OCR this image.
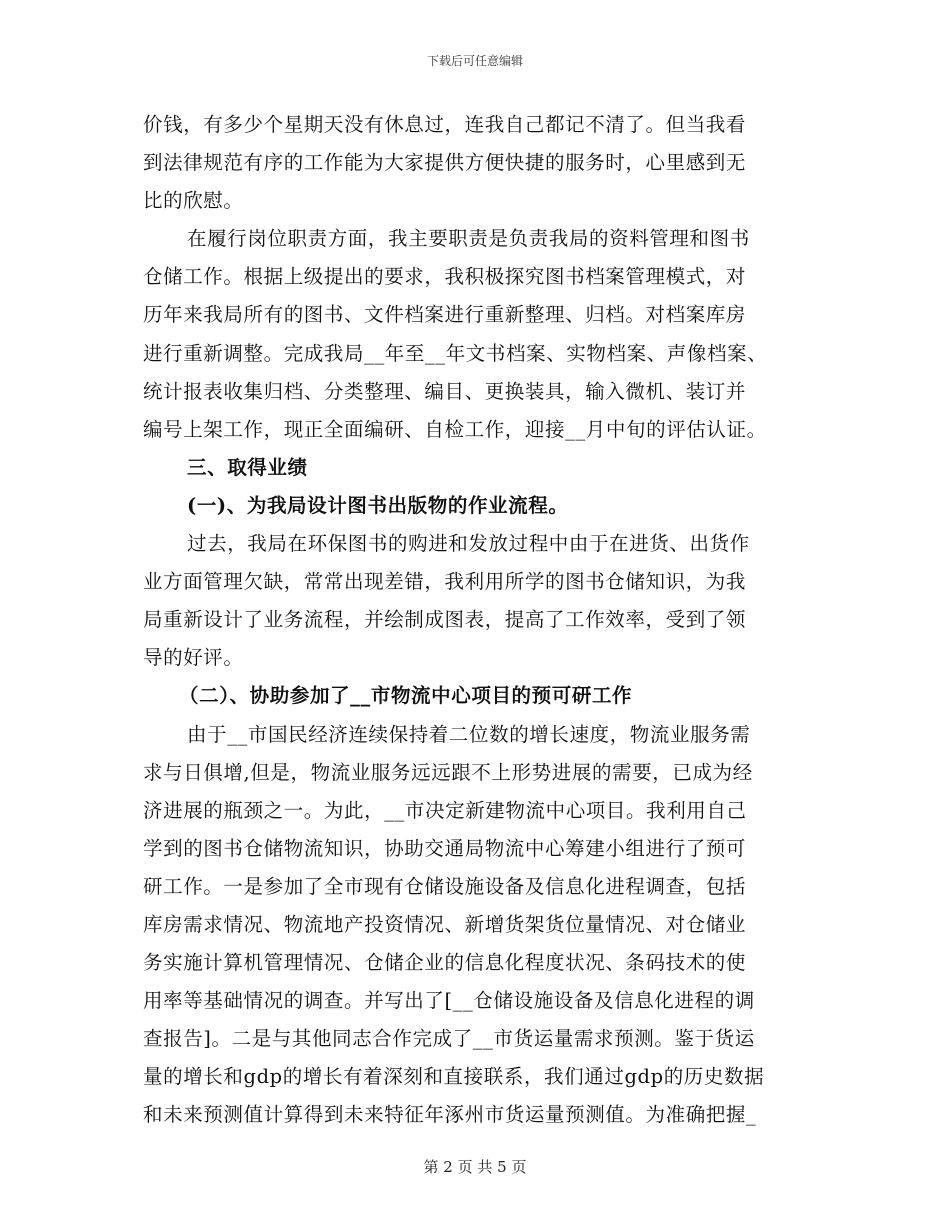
下载后可任意编辑
价钱，有多少个星期天没有休息过，连我自己都记不清了。但当我看
到法律规范有序的工作能为大家提供方便快捷的服务时，心里感到无
比的欣慰。
在履行岗位职责方面，我主要职责是负责我局的资料管理和图书
仓储工作。根据上级提出的要求，我积极探究图书档案管理模式，对
历年来我局所有的图书、文件档案进行重新整理、归档。对档案库房
进行重新调整。完成我局__年至__年文书档案、实物档案、声像档案、
统计报表收集归档、分类整理、编目、更换装具，输入微机、装订并
编号上架工作，现正全面编研、自检工作，迎接__月中旬的评估认证。
三、取得业绩
(一)、为我局设计图书出版物的作业流程。
过去，我局在环保图书的购进和发放过程中由于在进货、出货作
业方面管理欠缺，常常出现差错，我利用所学的图书仓储知识，为我
局重新设计了业务流程，并绘制成图表，提高了工作效率，受到了领
导的好评。
（二）、协助参加了__市物流中心项目的预可研工作
由于__市国民经济连续保持着二位数的增长速度，物流业服务需
求与日俱增,但是，物流业服务远远跟不上形势进展的需要，已成为经
济进展的瓶颈之一。为此，__市决定新建物流中心项目。我利用自己
学到的图书仓储物流知识，协助交通局物流中心筹建小组进行了预可
研工作。一是参加了全市现有仓储设施设备及信息化进程调查，包括
库房需求情况、物流地产投资情况、新增货架货位量情况、对仓储业
务实施计算机管理情况、仓储企业的信息化程度状况、条码技术的使
用率等基础情况的调查。并写出了[__仓储设施设备及信息化进程的调
查报告]。二是与其他同志合作完成了__市货运量需求预测。鉴于货运
量的增长和gdp的增长有着深刻和直接联系，我们通过gdp的历史数据
和未来预测值计算得到未来特征年涿州市货运量预测值。为准确把握_
第 2 页 共 5 页
